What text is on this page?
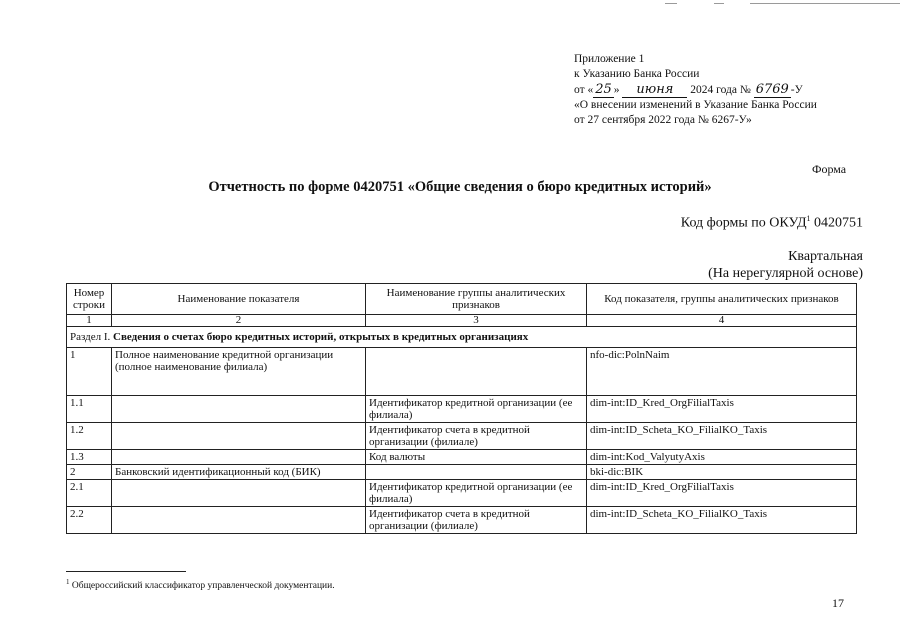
Приложение 1
к Указанию Банка России
от « 25 » июня 2024 года № 6769 -У
«О внесении изменений в Указание Банка России
от 27 сентября 2022 года № 6267-У»
Форма
Отчетность по форме 0420751 «Общие сведения о бюро кредитных историй»
Код формы по ОКУД$^1$ 0420751
Квартальная
(На нерегулярной основе)
Номер строки	Наименование показателя	Наименование группы аналитических признаков	Код показателя, группы аналитических признаков
1	2	3	4
Раздел I. Сведения о счетах бюро кредитных историй, открытых в кредитных организациях			
1	Полное наименование кредитной организации (полное наименование филиала)		nfo-dic:PolnNaim
1.1		Идентификатор кредитной организации (ее филиала)	dim-int:ID_Kred_OrgFilialTaxis
1.2		Идентификатор счета в кредитной организации (филиале)	dim-int:ID_Scheta_KO_FilialKO_Taxis
1.3		Код валюты	dim-int:Kod_ValyutyAxis
2	Банковский идентификационный код (БИК)		bki-dic:BIK
2.1		Идентификатор кредитной организации (ее филиала)	dim-int:ID_Kred_OrgFilialTaxis
2.2		Идентификатор счета в кредитной организации (филиале)	dim-int:ID_Scheta_KO_FilialKO_Taxis
$^1$ Общероссийский классификатор управленческой документации.
17
